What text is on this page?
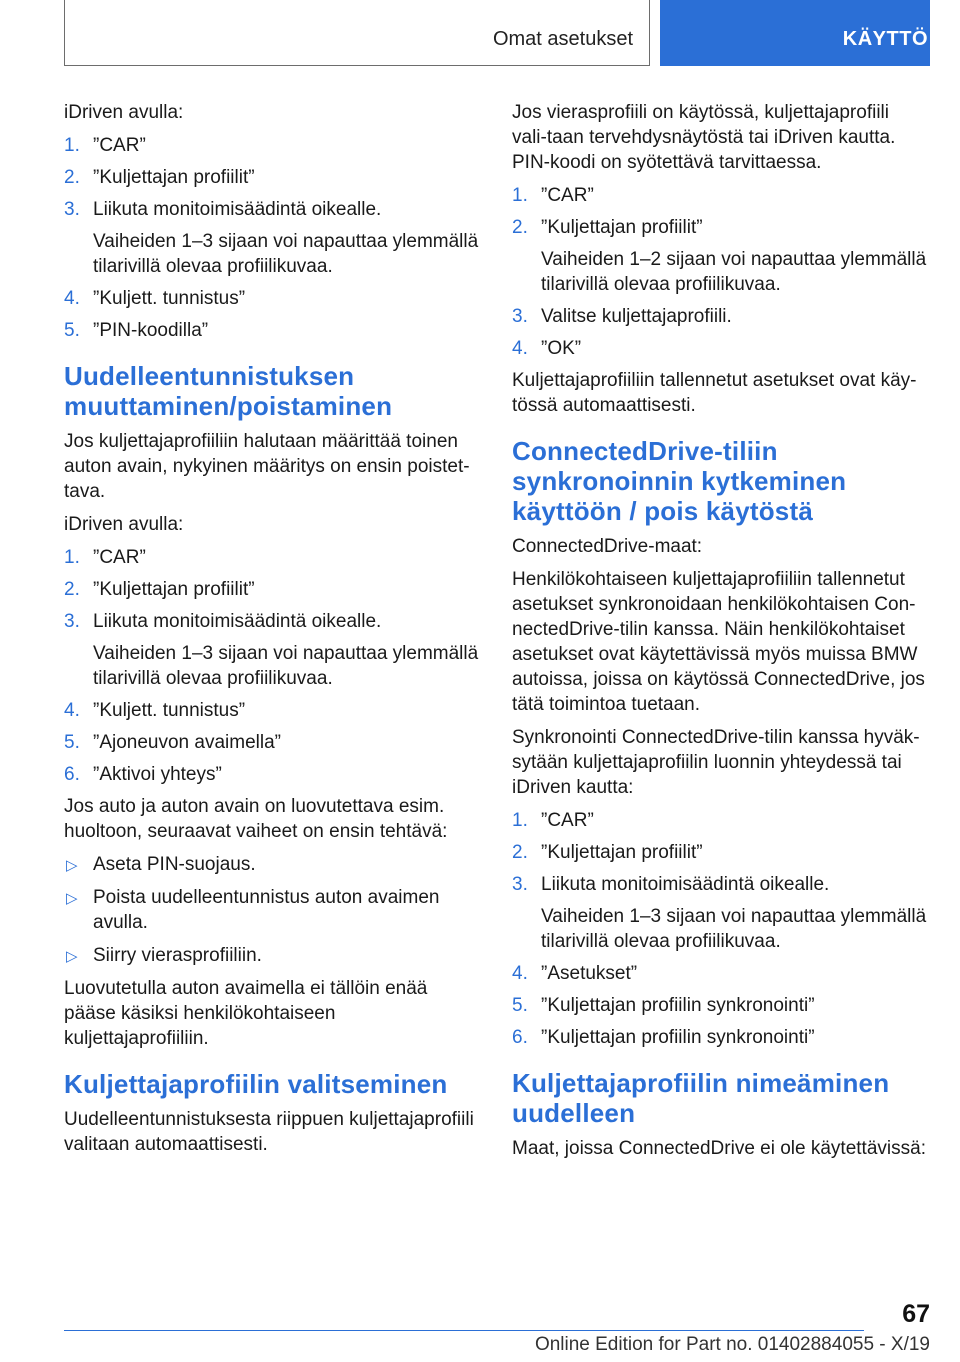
Omat asetukset	KÄYTTÖ

iDriven avulla:

1. ”CAR”
2. ”Kuljettajan profiilit”
3. Liikuta monitoimisäädintä oikealle.
Vaiheiden 1–3 sijaan voi napauttaa ylemmällä tilarivillä olevaa profiilikuvaa.
4. ”Kuljett. tunnistus”
5. ”PIN-koodilla”
Uudelleentunnistuksen muuttaminen/poistaminen

Jos kuljettajaprofiiliin halutaan määrittää toinen auton avain, nykyinen määritys on ensin poistet‐tava.

iDriven avulla:

1. ”CAR”
2. ”Kuljettajan profiilit”
3. Liikuta monitoimisäädintä oikealle.
Vaiheiden 1–3 sijaan voi napauttaa ylemmällä tilarivillä olevaa profiilikuvaa.
4. ”Kuljett. tunnistus”
5. ”Ajoneuvon avaimella”
6. ”Aktivoi yhteys”

Jos auto ja auton avain on luovutettava esim. huoltoon, seuraavat vaiheet on ensin tehtävä:

▷ Aseta PIN-suojaus.
▷ Poista uudelleentunnistus auton avaimen avulla.
▷ Siirry vierasprofiiliin.

Luovutetulla auton avaimella ei tällöin enää pääse käsiksi henkilökohtaiseen kuljettajaprofiiliin.

Kuljettajaprofiilin valitseminen

Uudelleentunnistuksesta riippuen kuljettajaprofiili valitaan automaattisesti.

Jos vierasprofiili on käytössä, kuljettajaprofiili vali‐taan tervehdysnäytöstä tai iDriven kautta. PIN-koodi on syötettävä tarvittaessa.

1. ”CAR”
2. ”Kuljettajan profiilit”
Vaiheiden 1–2 sijaan voi napauttaa ylemmällä tilarivillä olevaa profiilikuvaa.
3. Valitse kuljettajaprofiili.
4. ”OK”

Kuljettajaprofiiliin tallennetut asetukset ovat käy‐tössä automaattisesti.

ConnectedDrive-tiliin synkronoinnin kytkeminen käyttöön / pois käytöstä

ConnectedDrive-maat:

Henkilökohtaiseen kuljettajaprofiiliin tallennetut asetukset synkronoidaan henkilökohtaisen Con‐nectedDrive-tilin kanssa. Näin henkilökohtaiset asetukset ovat käytettävissä myös muissa BMW autoissa, joissa on käytössä ConnectedDrive, jos tätä toimintoa tuetaan.

Synkronointi ConnectedDrive-tilin kanssa hyväk‐sytään kuljettajaprofiilin luonnin yhteydessä tai iDriven kautta:

1. ”CAR”
2. ”Kuljettajan profiilit”
3. Liikuta monitoimisäädintä oikealle.
Vaiheiden 1–3 sijaan voi napauttaa ylemmällä tilarivillä olevaa profiilikuvaa.
4. ”Asetukset”
5. ”Kuljettajan profiilin synkronointi”
6. ”Kuljettajan profiilin synkronointi”
Kuljettajaprofiilin nimeäminen uudelleen

Maat, joissa ConnectedDrive ei ole käytettävissä:

67
Online Edition for Part no. 01402884055 - X/19
